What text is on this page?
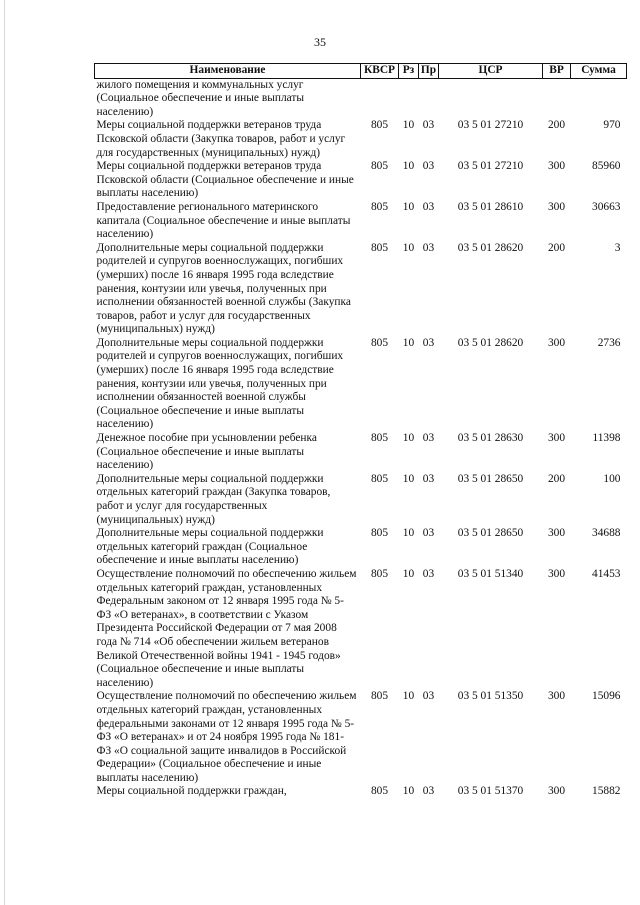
35
Наименование	КВСР	Рз	Пр	ЦСР	ВР	Сумма
жилого помещения и коммунальных услуг (Социальное обеспечение и иные выплаты населению)						
Меры социальной поддержки ветеранов труда Псковской области (Закупка товаров, работ и услуг для государственных (муниципальных) нужд)	805	10	03	03 5 01 27210	200	970
Меры социальной поддержки ветеранов труда Псковской области (Социальное обеспечение и иные выплаты населению)	805	10	03	03 5 01 27210	300	85960
Предоставление регионального материнского капитала (Социальное обеспечение и иные выплаты населению)	805	10	03	03 5 01 28610	300	30663
Дополнительные меры социальной поддержки родителей и супругов военнослужащих, погибших (умерших) после 16 января 1995 года вследствие ранения, контузии или увечья, полученных при исполнении обязанностей военной службы (Закупка товаров, работ и услуг для государственных (муниципальных) нужд)	805	10	03	03 5 01 28620	200	3
Дополнительные меры социальной поддержки родителей и супругов военнослужащих, погибших (умерших) после 16 января 1995 года вследствие ранения, контузии или увечья, полученных при исполнении обязанностей военной службы (Социальное обеспечение и иные выплаты населению)	805	10	03	03 5 01 28620	300	2736
Денежное пособие при усыновлении ребенка (Социальное обеспечение и иные выплаты населению)	805	10	03	03 5 01 28630	300	11398
Дополнительные меры социальной поддержки отдельных категорий граждан (Закупка товаров, работ и услуг для государственных (муниципальных) нужд)	805	10	03	03 5 01 28650	200	100
Дополнительные меры социальной поддержки отдельных категорий граждан (Социальное обеспечение и иные выплаты населению)	805	10	03	03 5 01 28650	300	34688
Осуществление полномочий по обеспечению жильем отдельных категорий граждан, установленных Федеральным законом от 12 января 1995 года № 5-ФЗ «О ветеранах», в соответствии с Указом Президента Российской Федерации от 7 мая 2008 года № 714 «Об обеспечении жильем ветеранов Великой Отечественной войны 1941 - 1945 годов» (Социальное обеспечение и иные выплаты населению)	805	10	03	03 5 01 51340	300	41453
Осуществление полномочий по обеспечению жильем отдельных категорий граждан, установленных федеральными законами от 12 января 1995 года № 5-ФЗ «О ветеранах» и от 24 ноября 1995 года № 181-ФЗ «О социальной защите инвалидов в Российской Федерации» (Социальное обеспечение и иные выплаты населению)	805	10	03	03 5 01 51350	300	15096
Меры социальной поддержки граждан,	805	10	03	03 5 01 51370	300	15882
